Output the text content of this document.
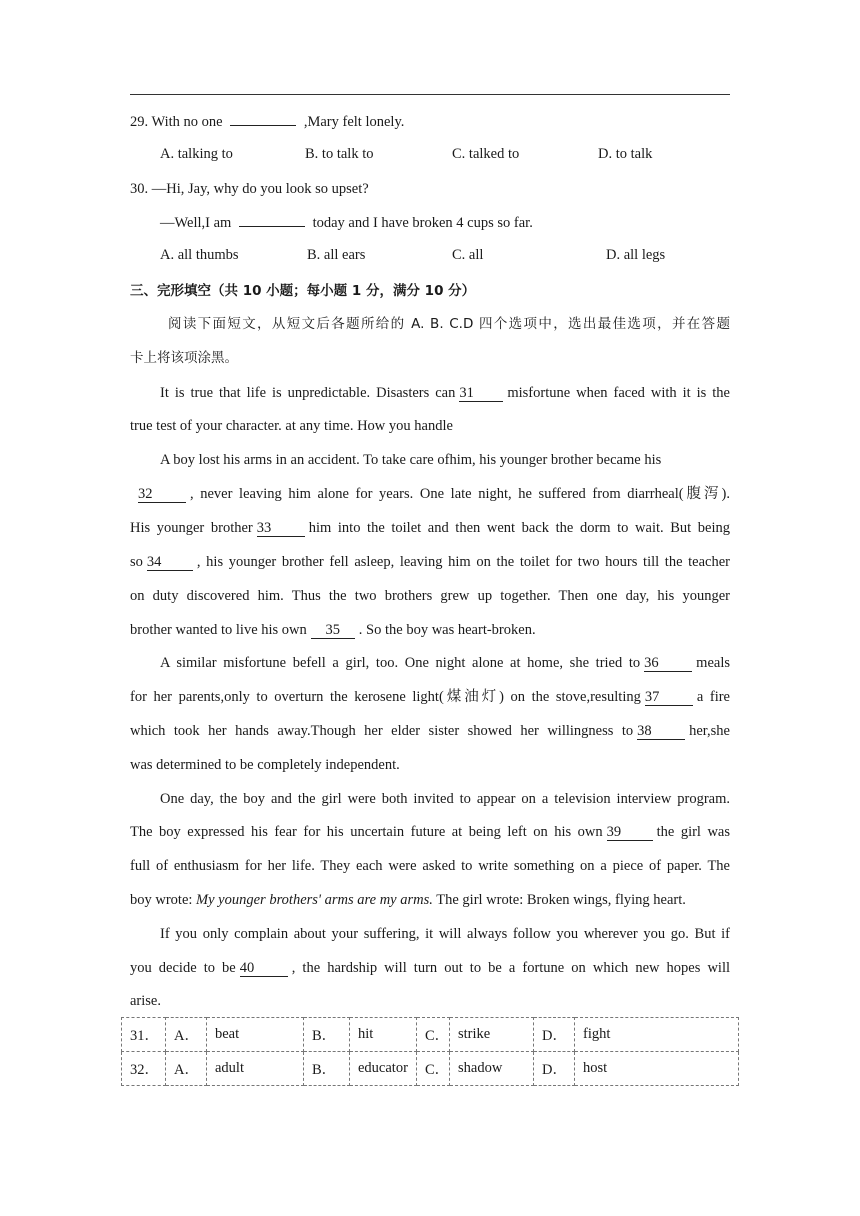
29. With no one	,Mary felt lonely.
A. talking to	B. to talk to	C. talked to	D. to talk
30. —Hi, Jay, why do you look so upset?
—Well,I am	today and I have broken 4 cups so far.
A. all thumbs	B. all ears	C. all	D. all legs
三、完形填空（共 10 小题；每小题 1 分，满分 10 分）
阅读下面短文，从短文后各题所给的 A. B. C.D 四个选项中，选出最佳选项，并在答题
卡上将该项涂黑。
It is true that life is unpredictable. Disasters can 31 misfortune when faced with it is the
true test of your character. at any time. How you handle
A boy lost his arms in an accident. To take care ofhim, his younger brother became his
32	, never leaving him alone for years. One late night, he suffered from diarrheal(腹泻).
His younger brother 33	him into the toilet and then went back the dorm to wait. But being
so 34 , his younger brother fell asleep, leaving him on the toilet for two hours till the teacher
on duty discovered him. Thus the two brothers grew up together. Then one day, his younger
brother wanted to live his own 35 . So the boy was heart-broken.
A similar misfortune befell a girl, too. One night alone at home, she tried to 36	meals
for her parents,only to overturn the kerosene light(煤油灯) on the stove,resulting 37	a fire
which took her hands away.Though her elder sister showed her willingness to 38	her,she
was determined to be completely independent.
One day, the boy and the girl were both invited to appear on a television interview program.
The boy expressed his fear for his uncertain future at being left on his own 39 the girl was
full of enthusiasm for her life. They each were asked to write something on a piece of paper. The
boy wrote: My younger brothers' arms are my arms. The girl wrote: Broken wings, flying heart.
If you only complain about your suffering, it will always follow you wherever you go. But if
you decide to be 40	, the hardship will turn out to be a fortune on which new hopes will
arise.
31．	A．	beat	B．	hit	C．	strike	D．	fight
32．	A．	adult	B．	educator	C．	shadow	D．	host
